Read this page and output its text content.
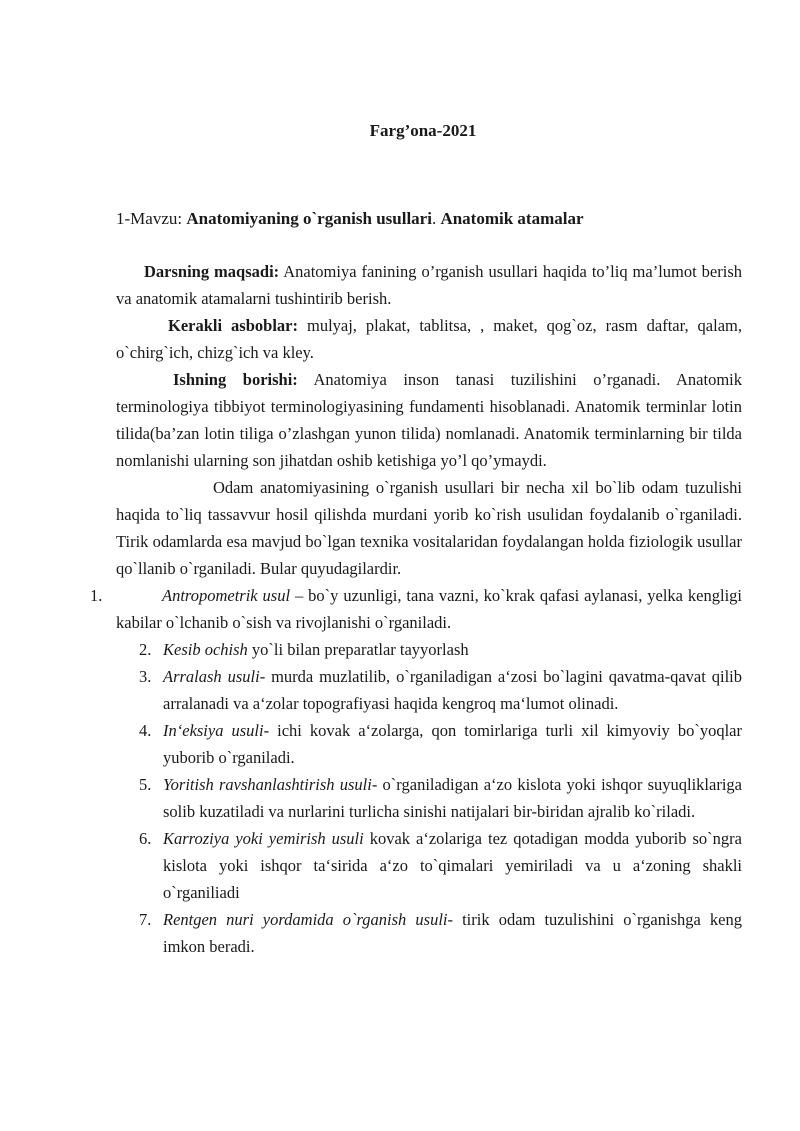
Farg’ona-2021
1-Mavzu: Anatomiyaning o`rganish usullari. Anatomik atamalar

Darsning maqsadi: Anatomiya fanining o’rganish usullari haqida to’liq ma’lumot berish va anatomik atamalarni tushintirib berish.

Kerakli asboblar: mulyaj, plakat, tablitsa, , maket, qog`oz, rasm daftar, qalam, o`chirg`ich, chizg`ich va kley.

Ishning borishi: Anatomiya inson tanasi tuzilishini o’rganadi. Anatomik terminologiya tibbiyot terminologiyasining fundamenti hisoblanadi. Anatomik terminlar lotin tilida(ba’zan lotin tiliga o’zlashgan yunon tilida) nomlanadi. Anatomik terminlarning bir tilda nomlanishi ularning son jihatdan oshib ketishiga yo’l qo’ymaydi.

Odam anatomiyasining o`rganish usullari bir necha xil bo`lib odam tuzulishi haqida to`liq tassavvur hosil qilishda murdani yorib ko`rish usulidan foydalanib o`rganiladi. Tirik odamlarda esa mavjud bo`lgan texnika vositalaridan foydalangan holda fiziologik usullar qo`llanib o`rganiladi. Bular quyudagilardir.

1.	Antropometrik usul – bo`y uzunligi, tana vazni, ko`krak qafasi aylanasi, yelka kengligi kabilar o`lchanib o`sish va rivojlanishi o`rganiladi.

2. Kesib ochish yo`li bilan preparatlar tayyorlash
3. Arralash usuli- murda muzlatilib, o`rganiladigan a‘zosi bo`lagini qavatma-qavat qilib arralanadi va a‘zolar topografiyasi haqida kengroq ma‘lumot olinadi.
4. In‘eksiya usuli- ichi kovak a‘zolarga, qon tomirlariga turli xil kimyoviy bo`yoqlar yuborib o`rganiladi.
5. Yoritish ravshanlashtirish usuli- o`rganiladigan a‘zo kislota yoki ishqor suyuqliklariga solib kuzatiladi va nurlarini turlicha sinishi natijalari bir-biridan ajralib ko`riladi.
6. Karroziya yoki yemirish usuli kovak a‘zolariga tez qotadigan modda yuborib so`ngra kislota yoki ishqor ta‘sirida a‘zo to`qimalari yemiriladi va u a‘zoning shakli o`rganiliadi
7. Rentgen nuri yordamida o`rganish usuli- tirik odam tuzulishini o`rganishga keng imkon beradi.
